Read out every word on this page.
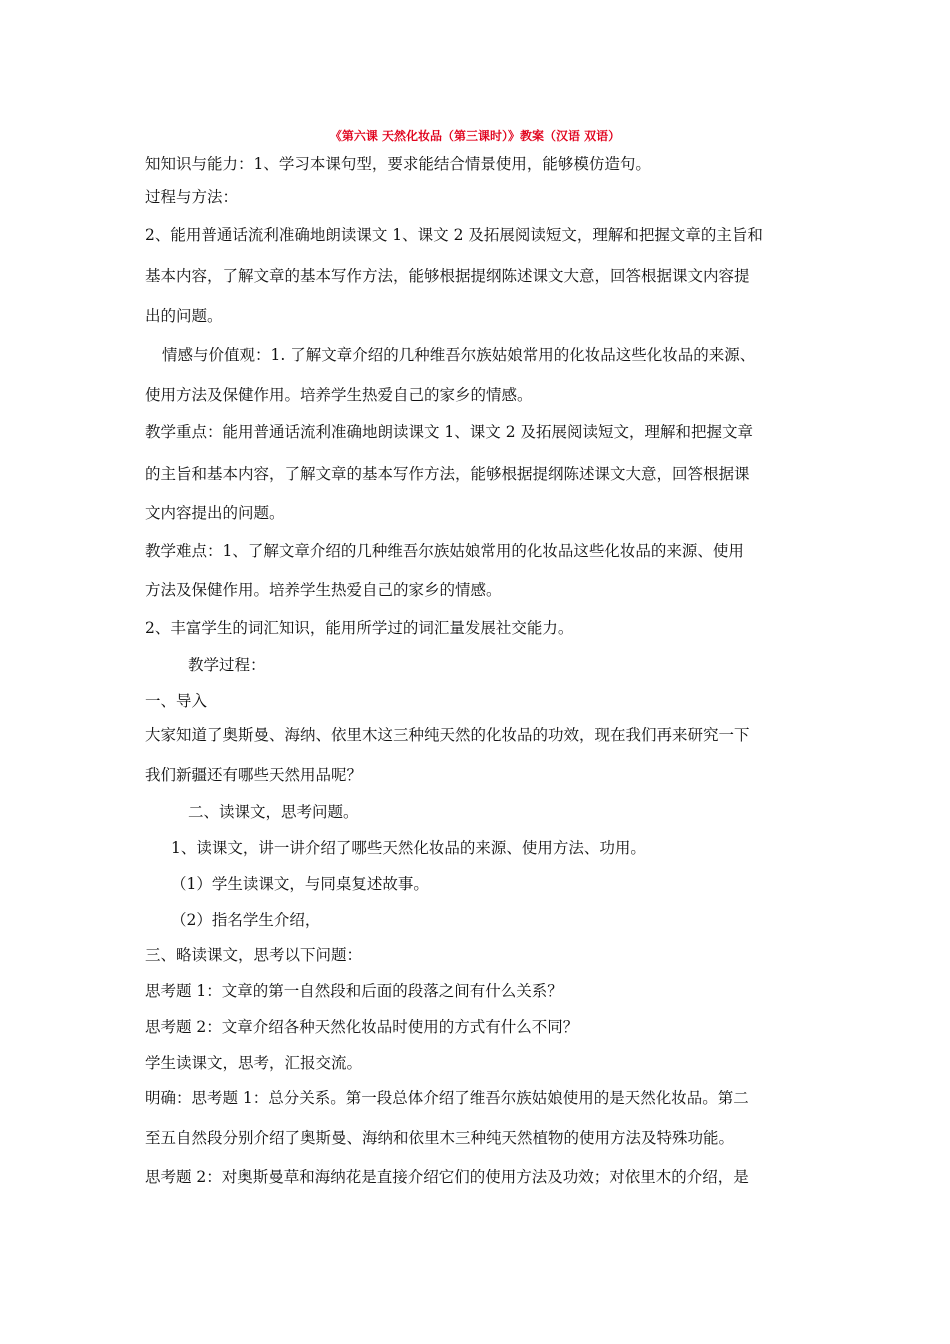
《第六课 天然化妆品（第三课时）》教案（汉语 双语）
知知识与能力：1、学习本课句型，要求能结合情景使用，能够模仿造句。
过程与方法：
2、能用普通话流利准确地朗读课文 1、课文 2 及拓展阅读短文，理解和把握文章的主旨和
基本内容，了解文章的基本写作方法，能够根据提纲陈述课文大意，回答根据课文内容提
出的问题。
情感与价值观：1. 了解文章介绍的几种维吾尔族姑娘常用的化妆品这些化妆品的来源、
使用方法及保健作用。培养学生热爱自己的家乡的情感。
教学重点：能用普通话流利准确地朗读课文 1、课文 2 及拓展阅读短文，理解和把握文章
的主旨和基本内容，了解文章的基本写作方法，能够根据提纲陈述课文大意，回答根据课
文内容提出的问题。
教学难点：1、了解文章介绍的几种维吾尔族姑娘常用的化妆品这些化妆品的来源、使用
方法及保健作用。培养学生热爱自己的家乡的情感。
2、丰富学生的词汇知识，能用所学过的词汇量发展社交能力。
教学过程：
一、导入
大家知道了奥斯曼、海纳、依里木这三种纯天然的化妆品的功效，现在我们再来研究一下
我们新疆还有哪些天然用品呢？
二、读课文，思考问题。
1、读课文，讲一讲介绍了哪些天然化妆品的来源、使用方法、功用。
（1）学生读课文，与同桌复述故事。
（2）指名学生介绍，
三、略读课文，思考以下问题：
思考题 1：文章的第一自然段和后面的段落之间有什么关系？
思考题 2：文章介绍各种天然化妆品时使用的方式有什么不同？
学生读课文，思考，汇报交流。
明确：思考题 1：总分关系。第一段总体介绍了维吾尔族姑娘使用的是天然化妆品。第二
至五自然段分别介绍了奥斯曼、海纳和依里木三种纯天然植物的使用方法及特殊功能。
思考题 2：对奥斯曼草和海纳花是直接介绍它们的使用方法及功效；对依里木的介绍，是
